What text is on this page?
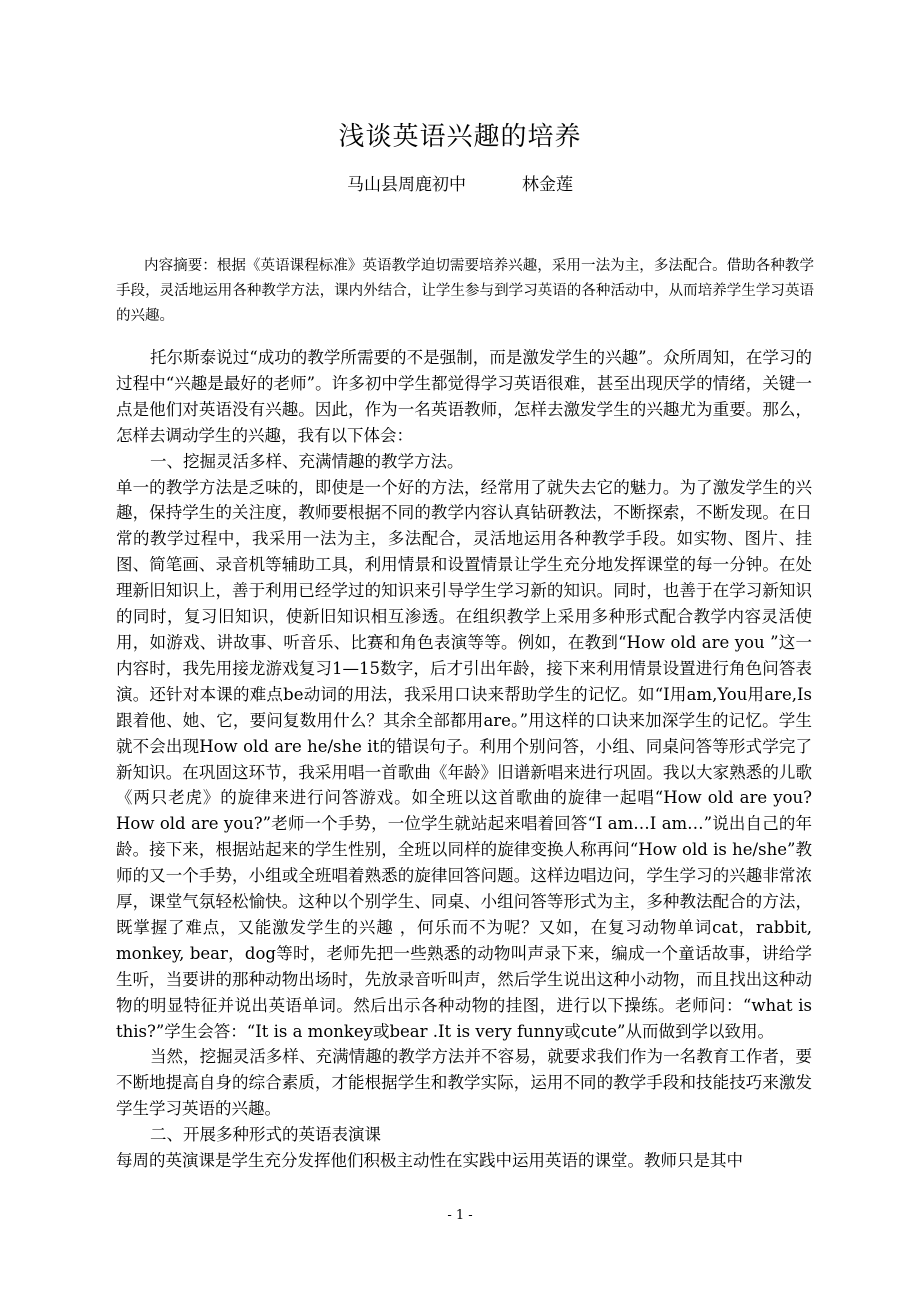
浅谈英语兴趣的培养
马山县周鹿初中	林金莲
内容摘要：根据《英语课程标准》英语教学迫切需要培养兴趣，采用一法为主，多法配合。借助各种教学手段，灵活地运用各种教学方法，课内外结合，让学生参与到学习英语的各种活动中，从而培养学生学习英语的兴趣。

托尔斯泰说过“成功的教学所需要的不是强制，而是激发学生的兴趣”。众所周知，在学习的过程中“兴趣是最好的老师”。许多初中学生都觉得学习英语很难，甚至出现厌学的情绪，关键一点是他们对英语没有兴趣。因此，作为一名英语教师，怎样去激发学生的兴趣尤为重要。那么，怎样去调动学生的兴趣，我有以下体会：

一、挖掘灵活多样、充满情趣的教学方法。

单一的教学方法是乏味的，即使是一个好的方法，经常用了就失去它的魅力。为了激发学生的兴趣，保持学生的关注度，教师要根据不同的教学内容认真钻研教法，不断探索，不断发现。在日常的教学过程中，我采用一法为主，多法配合，灵活地运用各种教学手段。如实物、图片、挂图、简笔画、录音机等辅助工具，利用情景和设置情景让学生充分地发挥课堂的每一分钟。在处理新旧知识上，善于利用已经学过的知识来引导学生学习新的知识。同时，也善于在学习新知识的同时，复习旧知识，使新旧知识相互渗透。在组织教学上采用多种形式配合教学内容灵活使用，如游戏、讲故事、听音乐、比赛和角色表演等等。例如，在教到“How old are you ”这一内容时，我先用接龙游戏复习1—15数字，后才引出年龄，接下来利用情景设置进行角色问答表演。还针对本课的难点be动词的用法，我采用口诀来帮助学生的记忆。如“I用am,You用are,Is跟着他、她、它，要问复数用什么？其余全部都用are。”用这样的口诀来加深学生的记忆。学生就不会出现How old are he/she it的错误句子。利用个别问答，小组、同桌问答等形式学完了新知识。在巩固这环节，我采用唱一首歌曲《年龄》旧谱新唱来进行巩固。我以大家熟悉的儿歌《两只老虎》的旋律来进行问答游戏。如全班以这首歌曲的旋律一起唱“How old are you? How old are you?”老师一个手势，一位学生就站起来唱着回答“I am…I am…”说出自己的年龄。接下来，根据站起来的学生性别，全班以同样的旋律变换人称再问“How old is he/she”教师的又一个手势，小组或全班唱着熟悉的旋律回答问题。这样边唱边问，学生学习的兴趣非常浓厚，课堂气氛轻松愉快。这种以个别学生、同桌、小组问答等形式为主，多种教法配合的方法，既掌握了难点，又能激发学生的兴趣 ，何乐而不为呢？又如，在复习动物单词cat，rabbit, monkey, bear，dog等时，老师先把一些熟悉的动物叫声录下来，编成一个童话故事，讲给学生听，当要讲的那种动物出场时，先放录音听叫声，然后学生说出这种小动物，而且找出这种动物的明显特征并说出英语单词。然后出示各种动物的挂图，进行以下操练。老师问：“what is this?”学生会答：“It is a monkey或bear .It is very funny或cute”从而做到学以致用。

当然，挖掘灵活多样、充满情趣的教学方法并不容易，就要求我们作为一名教育工作者，要不断地提高自身的综合素质，才能根据学生和教学实际，运用不同的教学手段和技能技巧来激发学生学习英语的兴趣。

二、开展多种形式的英语表演课

每周的英演课是学生充分发挥他们积极主动性在实践中运用英语的课堂。教师只是其中

- 1 -
